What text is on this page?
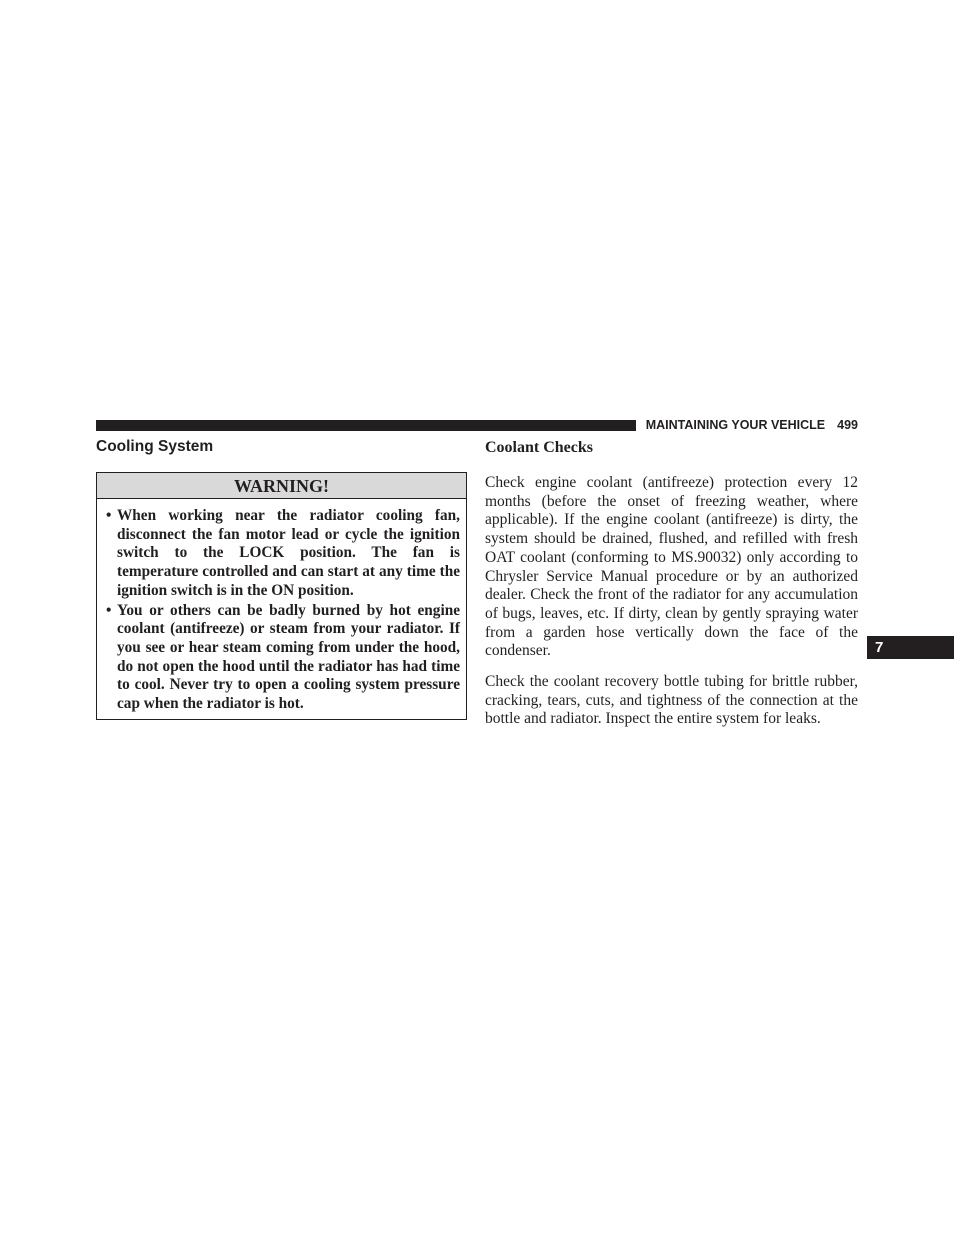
MAINTAINING YOUR VEHICLE 499
Cooling System
WARNING!
• When working near the radiator cooling fan, disconnect the fan motor lead or cycle the ignition switch to the LOCK position. The fan is temperature controlled and can start at any time the ignition switch is in the ON position.
• You or others can be badly burned by hot engine coolant (antifreeze) or steam from your radiator. If you see or hear steam coming from under the hood, do not open the hood until the radiator has had time to cool. Never try to open a cooling system pressure cap when the radiator is hot.
Coolant Checks

Check engine coolant (antifreeze) protection every 12 months (before the onset of freezing weather, where applicable). If the engine coolant (antifreeze) is dirty, the system should be drained, flushed, and refilled with fresh OAT coolant (conforming to MS.90032) only according to Chrysler Service Manual procedure or by an authorized dealer. Check the front of the radiator for any accumulation of bugs, leaves, etc. If dirty, clean by gently spraying water from a garden hose vertically down the face of the condenser.

Check the coolant recovery bottle tubing for brittle rubber, cracking, tears, cuts, and tightness of the connection at the bottle and radiator. Inspect the entire system for leaks.

7
